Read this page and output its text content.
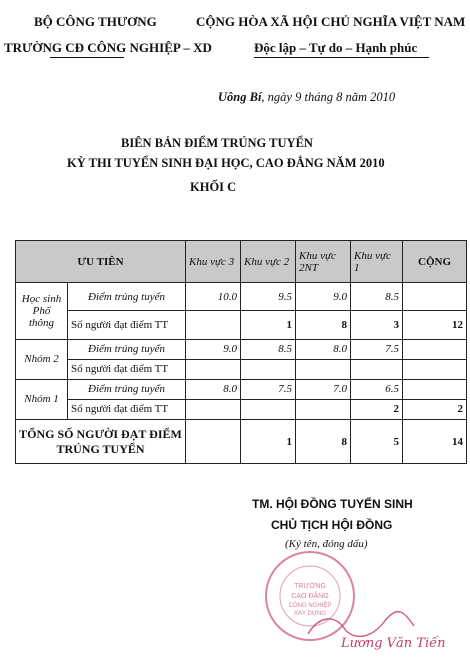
BỘ CÔNG THƯƠNG
TRƯỜNG CĐ CÔNG NGHIỆP – XD
CỘNG HÒA XÃ HỘI CHỦ NGHĨA VIỆT NAM
Độc lập – Tự do – Hạnh phúc
Uông Bí, ngày 9 tháng 8 năm 2010
BIÊN BẢN ĐIỂM TRÚNG TUYỂN
KỲ THI TUYỂN SINH ĐẠI HỌC, CAO ĐẲNG NĂM 2010
KHỐI C
ƯU TIÊN		Khu vực 3	Khu vực 2	Khu vực 2NT	Khu vực 1	CỘNG
Học sinh Phổ thông	Điểm trúng tuyển	10.0	9.5	9.0	8.5	
	Số người đạt điểm TT		1	8	3	12
Nhóm 2	Điểm trúng tuyển	9.0	8.5	8.0	7.5	
	Số người đạt điểm TT					
Nhóm 1	Điểm trúng tuyển	8.0	7.5	7.0	6.5	
	Số người đạt điểm TT				2	2
TỔNG SỐ NGƯỜI ĐẠT ĐIỂM TRÚNG TUYỂN			1	8	5	14
TM. HỘI ĐỒNG TUYỂN SINH
CHỦ TỊCH HỘI ĐỒNG
(Ký tên, đóng dấu)
TRƯỜNG
CAO ĐẲNG
CÔNG NGHIỆP
XÂY DỰNG
Lương Văn Tiến
